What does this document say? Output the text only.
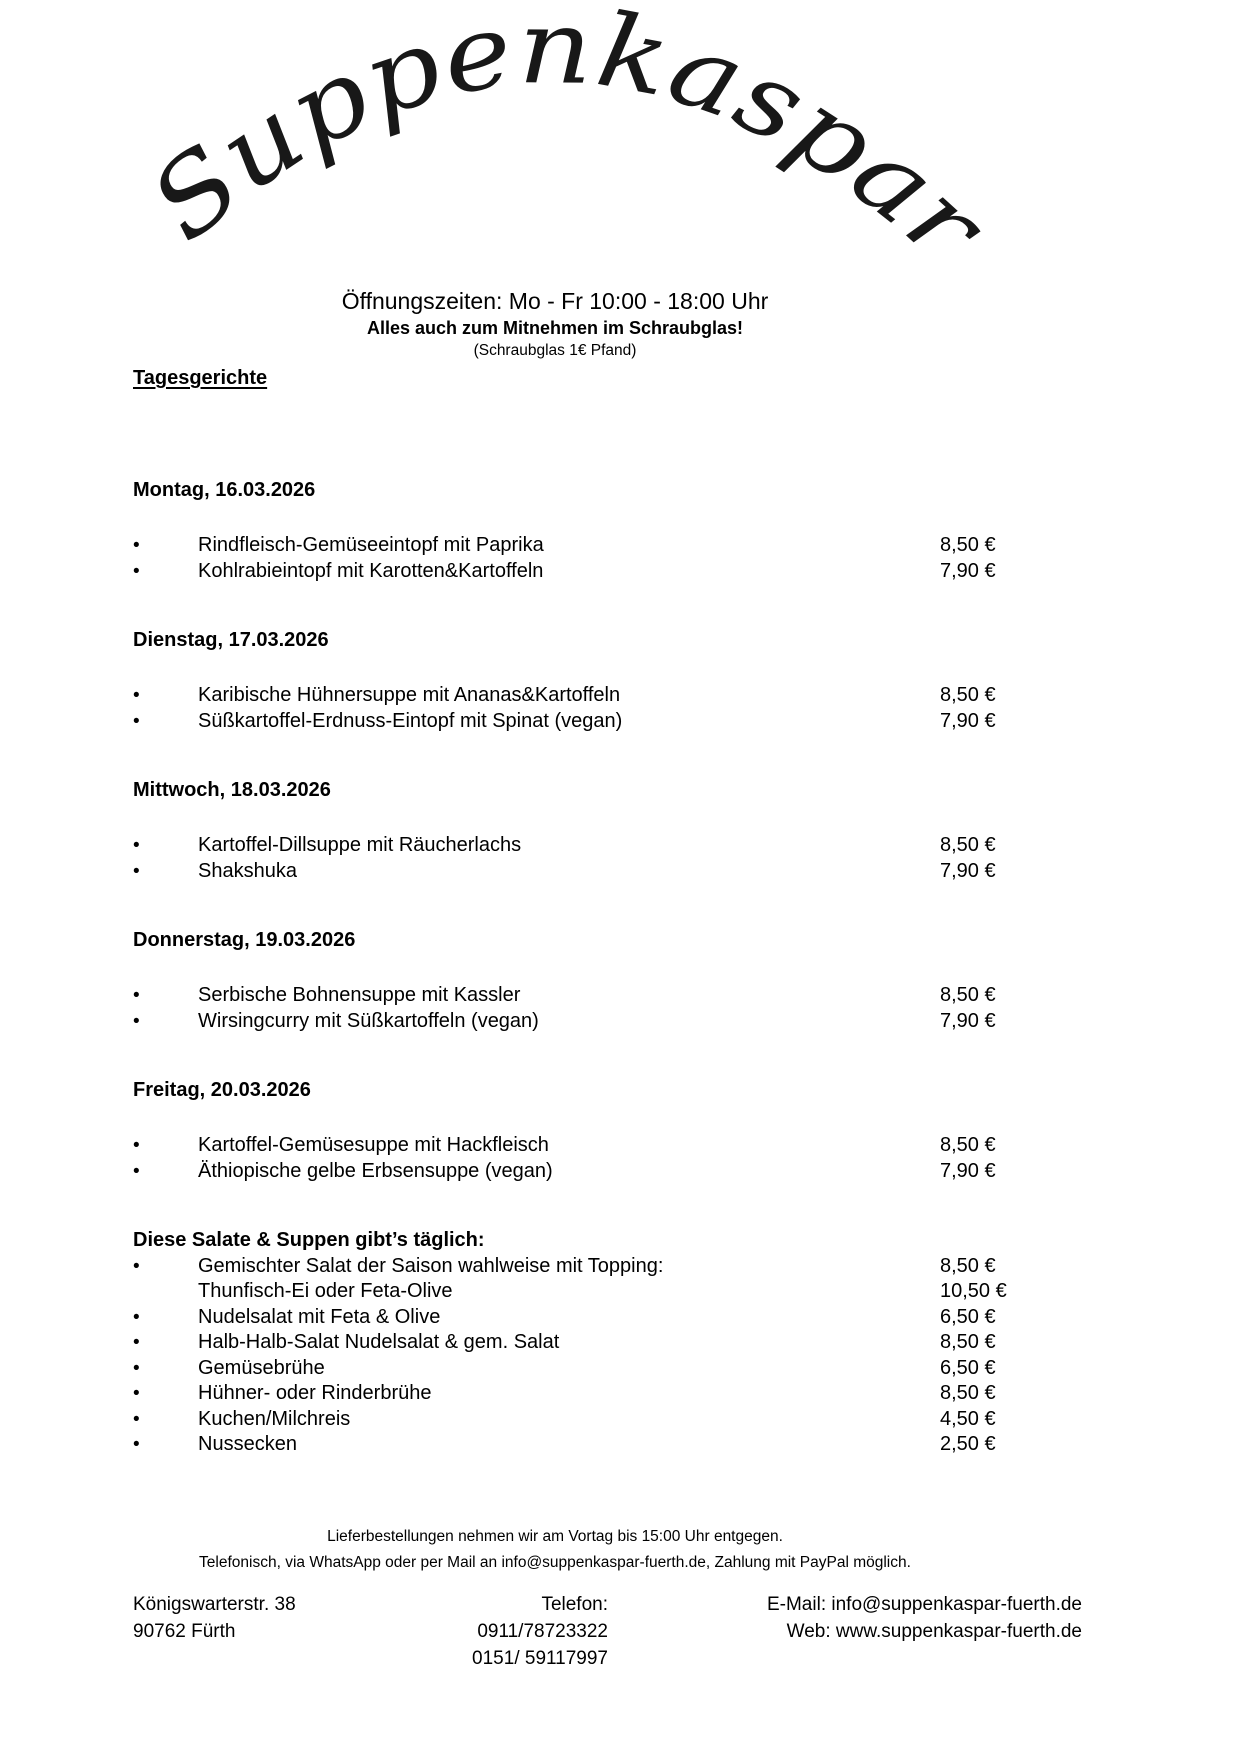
Suppenkaspar
Öffnungszeiten: Mo - Fr 10:00 - 18:00 Uhr
Alles auch zum Mitnehmen im Schraubglas!
(Schraubglas 1€ Pfand)
Tagesgerichte
Montag, 16.03.2026
•	Rindfleisch-Gemüseeintopf mit Paprika	8,50 €
•	Kohlrabieintopf mit Karotten&Kartoffeln	7,90 €
Dienstag, 17.03.2026
•	Karibische Hühnersuppe mit Ananas&Kartoffeln	8,50 €
•	Süßkartoffel-Erdnuss-Eintopf mit Spinat (vegan)	7,90 €
Mittwoch, 18.03.2026
•	Kartoffel-Dillsuppe mit Räucherlachs	8,50 €
•	Shakshuka	7,90 €
Donnerstag, 19.03.2026
•	Serbische Bohnensuppe mit Kassler	8,50 €
•	Wirsingcurry mit Süßkartoffeln (vegan)	7,90 €
Freitag, 20.03.2026
•	Kartoffel-Gemüsesuppe mit Hackfleisch	8,50 €
•	Äthiopische gelbe Erbsensuppe (vegan)	7,90 €
Diese Salate & Suppen gibt’s täglich:
•	Gemischter Salat der Saison wahlweise mit Topping:	8,50 €
Thunfisch-Ei oder Feta-Olive	10,50 €
•	Nudelsalat mit Feta & Olive	6,50 €
•	Halb-Halb-Salat Nudelsalat & gem. Salat	8,50 €
•	Gemüsebrühe	6,50 €
•	Hühner- oder Rinderbrühe	8,50 €
•	Kuchen/Milchreis	4,50 €
•	Nussecken	2,50 €
Lieferbestellungen nehmen wir am Vortag bis 15:00 Uhr entgegen.
Telefonisch, via WhatsApp oder per Mail an info@suppenkaspar-fuerth.de, Zahlung mit PayPal möglich.
Königswarterstr. 38
90762 Fürth
Telefon: 0911/78723322
0151/ 59117997
E-Mail: info@suppenkaspar-fuerth.de
Web: www.suppenkaspar-fuerth.de
